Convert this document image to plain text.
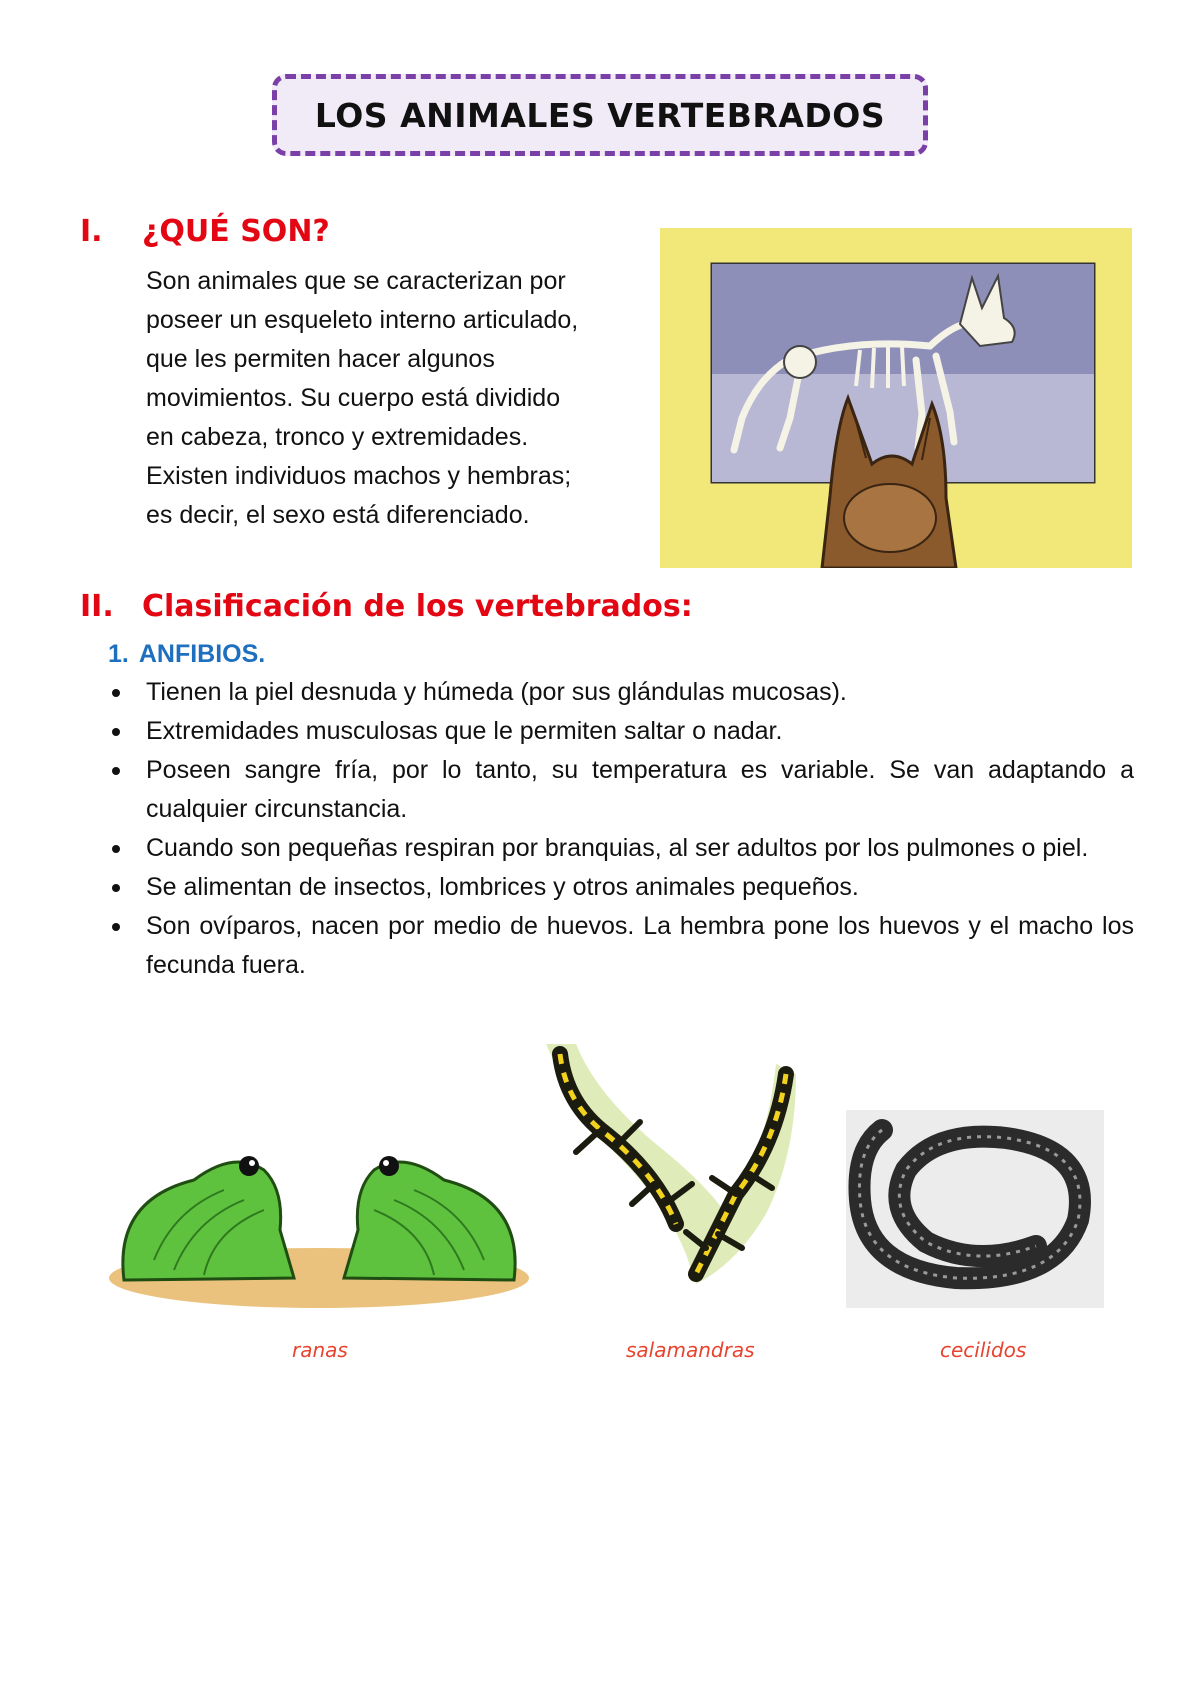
LOS ANIMALES VERTEBRADOS
I. ¿QUÉ SON?

Son animales que se caracterizan por
poseer un esqueleto interno articulado,
que les permiten hacer algunos
movimientos. Su cuerpo está dividido
en cabeza, tronco y extremidades.
Existen individuos machos y hembras;
es decir, el sexo está diferenciado.

II. Clasificación de los vertebrados:
1. ANFIBIOS.
Tienen la piel desnuda y húmeda (por sus glándulas mucosas).
Extremidades musculosas que le permiten saltar o nadar.
Poseen sangre fría, por lo tanto, su temperatura es variable. Se van adaptando a cualquier circunstancia.
Cuando son pequeñas respiran por branquias, al ser adultos por los pulmones o piel.
Se alimentan de insectos, lombrices y otros animales pequeños.
Son ovíparos, nacen por medio de huevos. La hembra pone los huevos y el macho los fecunda fuera.
ranas	salamandras	cecilidos
